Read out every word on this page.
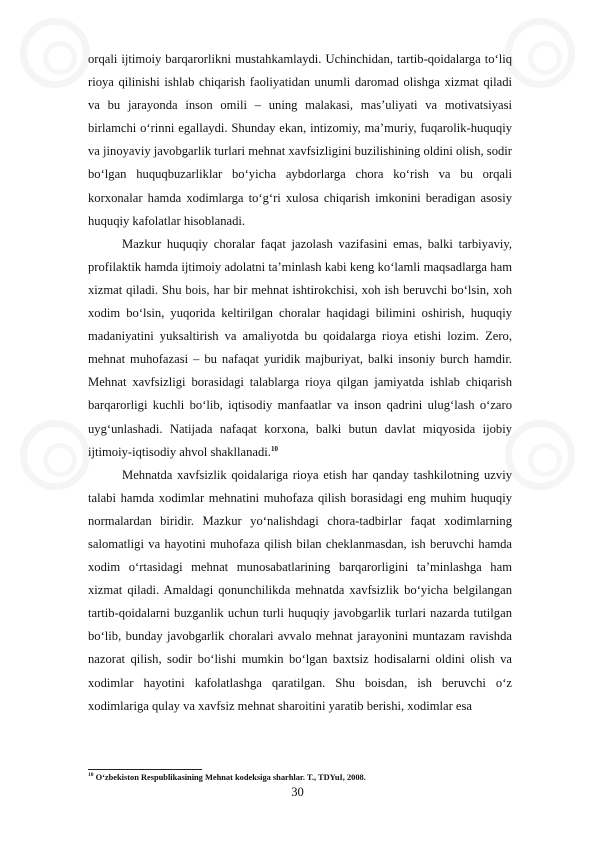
orqali ijtimoiy barqarorlikni mustahkamlaydi. Uchinchidan, tartib-qoidalarga to‘liq rioya qilinishi ishlab chiqarish faoliyatidan unumli daromad olishga xizmat qiladi va bu jarayonda inson omili – uning malakasi, mas’uliyati va motivatsiyasi birlamchi o‘rinni egallaydi. Shunday ekan, intizomiy, ma’muriy, fuqarolik-huquqiy va jinoyaviy javobgarlik turlari mehnat xavfsizligini buzilishining oldini olish, sodir bo‘lgan huquqbuzarliklar bo‘yicha aybdorlarga chora ko‘rish va bu orqali korxonalar hamda xodimlarga to‘g‘ri xulosa chiqarish imkonini beradigan asosiy huquqiy kafolatlar hisoblanadi.

Mazkur huquqiy choralar faqat jazolash vazifasini emas, balki tarbiyaviy, profilaktik hamda ijtimoiy adolatni ta’minlash kabi keng ko‘lamli maqsadlarga ham xizmat qiladi. Shu bois, har bir mehnat ishtirokchisi, xoh ish beruvchi bo‘lsin, xoh xodim bo‘lsin, yuqorida keltirilgan choralar haqidagi bilimini oshirish, huquqiy madaniyatini yuksaltirish va amaliyotda bu qoidalarga rioya etishi lozim. Zero, mehnat muhofazasi – bu nafaqat yuridik majburiyat, balki insoniy burch hamdir. Mehnat xavfsizligi borasidagi talablarga rioya qilgan jamiyatda ishlab chiqarish barqarorligi kuchli bo‘lib, iqtisodiy manfaatlar va inson qadrini ulug‘lash o‘zaro uyg‘unlashadi. Natijada nafaqat korxona, balki butun davlat miqyosida ijobiy ijtimoiy-iqtisodiy ahvol shakllanadi.$^{10}$

Mehnatda xavfsizlik qoidalariga rioya etish har qanday tashkilotning uzviy talabi hamda xodimlar mehnatini muhofaza qilish borasidagi eng muhim huquqiy normalardan biridir. Mazkur yo‘nalishdagi chora-tadbirlar faqat xodimlarning salomatligi va hayotini muhofaza qilish bilan cheklanmasdan, ish beruvchi hamda xodim o‘rtasidagi mehnat munosabatlarining barqarorligini ta’minlashga ham xizmat qiladi. Amaldagi qonunchilikda mehnatda xavfsizlik bo‘yicha belgilangan tartib-qoidalarni buzganlik uchun turli huquqiy javobgarlik turlari nazarda tutilgan bo‘lib, bunday javobgarlik choralari avvalo mehnat jarayonini muntazam ravishda nazorat qilish, sodir bo‘lishi mumkin bo‘lgan baxtsiz hodisalarni oldini olish va xodimlar hayotini kafolatlashga qaratilgan. Shu boisdan, ish beruvchi o‘z xodimlariga qulay va xavfsiz mehnat sharoitini yaratib berishi, xodimlar esa

$^{10}$ O‘zbekiston Respublikasining Mehnat kodeksiga sharhlar. T., TDYuI, 2008.
30
